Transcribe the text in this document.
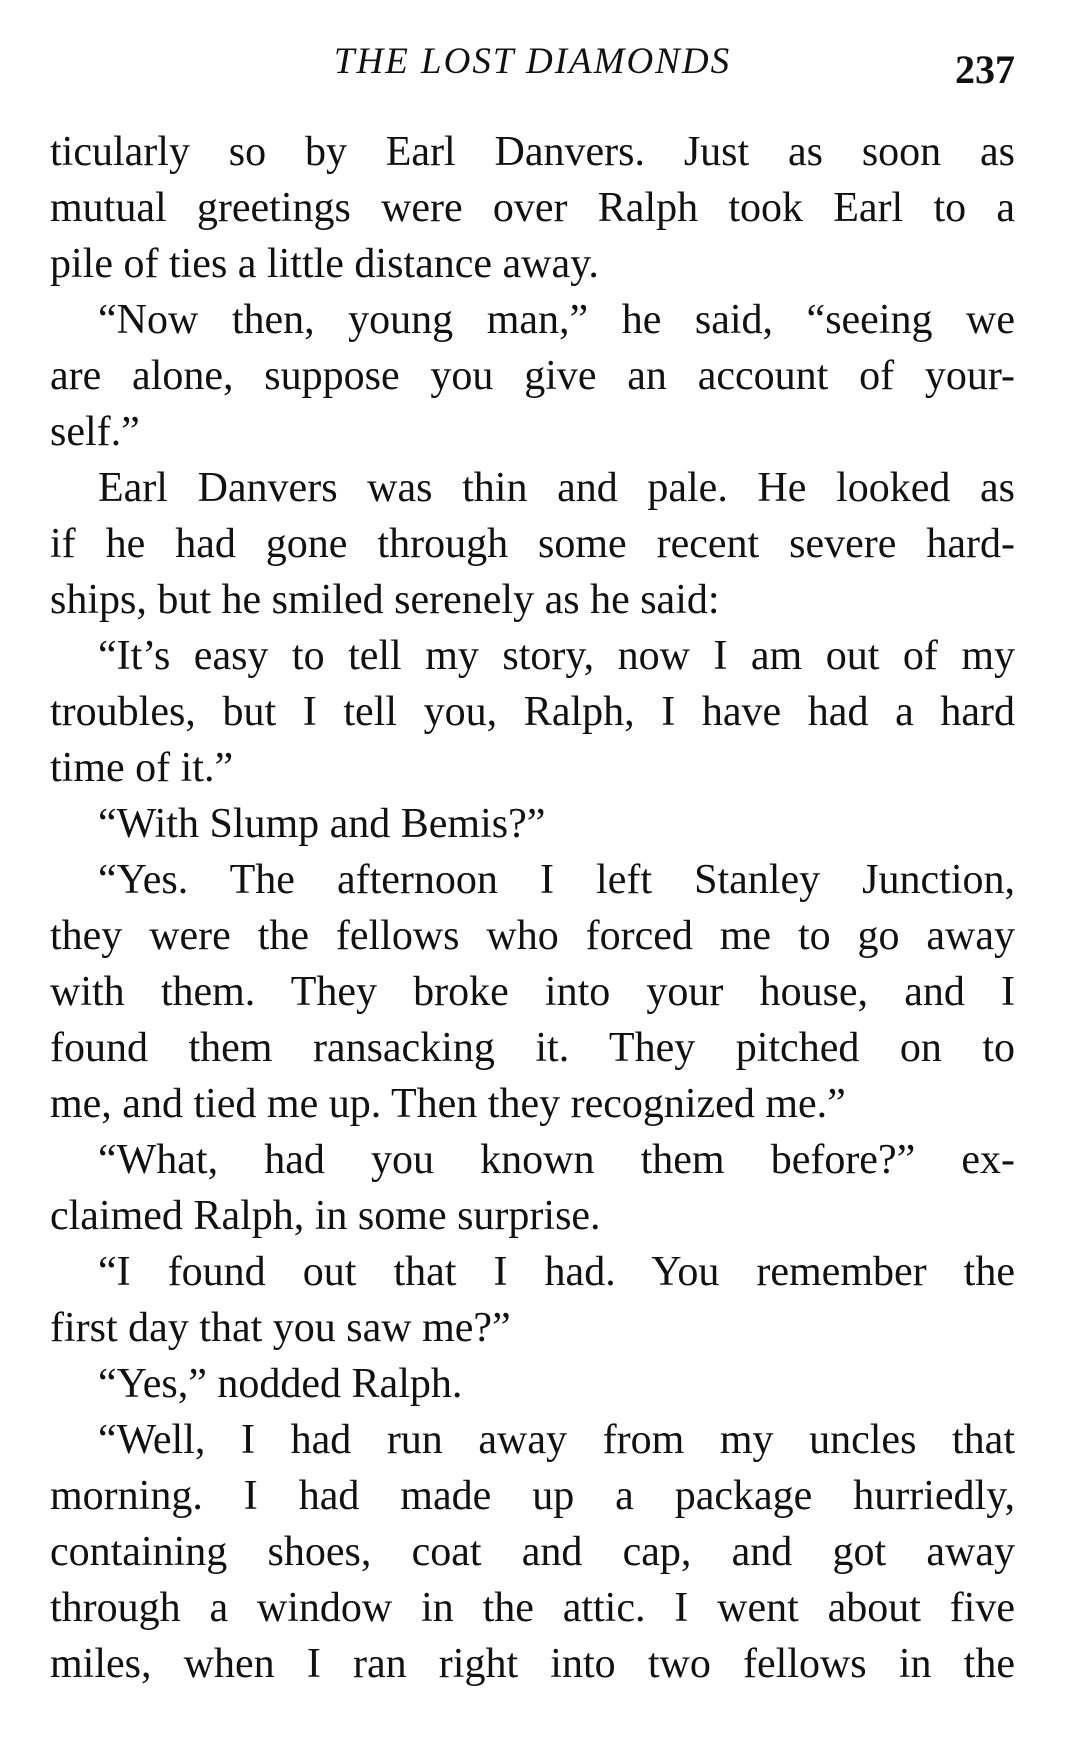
THE LOST DIAMONDS	237
ticularly so by Earl Danvers. Just as soon as
mutual greetings were over Ralph took Earl to a
pile of ties a little distance away.
“Now then, young man,” he said, “seeing we
are alone, suppose you give an account of your-
self.”
Earl Danvers was thin and pale. He looked as
if he had gone through some recent severe hard-
ships, but he smiled serenely as he said:
“It’s easy to tell my story, now I am out of my
troubles, but I tell you, Ralph, I have had a hard
time of it.”
“With Slump and Bemis?”
“Yes. The afternoon I left Stanley Junction,
they were the fellows who forced me to go away
with them. They broke into your house, and I
found them ransacking it. They pitched on to
me, and tied me up. Then they recognized me.”
“What, had you known them before?” ex-
claimed Ralph, in some surprise.
“I found out that I had. You remember the
first day that you saw me?”
“Yes,” nodded Ralph.
“Well, I had run away from my uncles that
morning. I had made up a package hurriedly,
containing shoes, coat and cap, and got away
through a window in the attic. I went about five
miles, when I ran right into two fellows in the
